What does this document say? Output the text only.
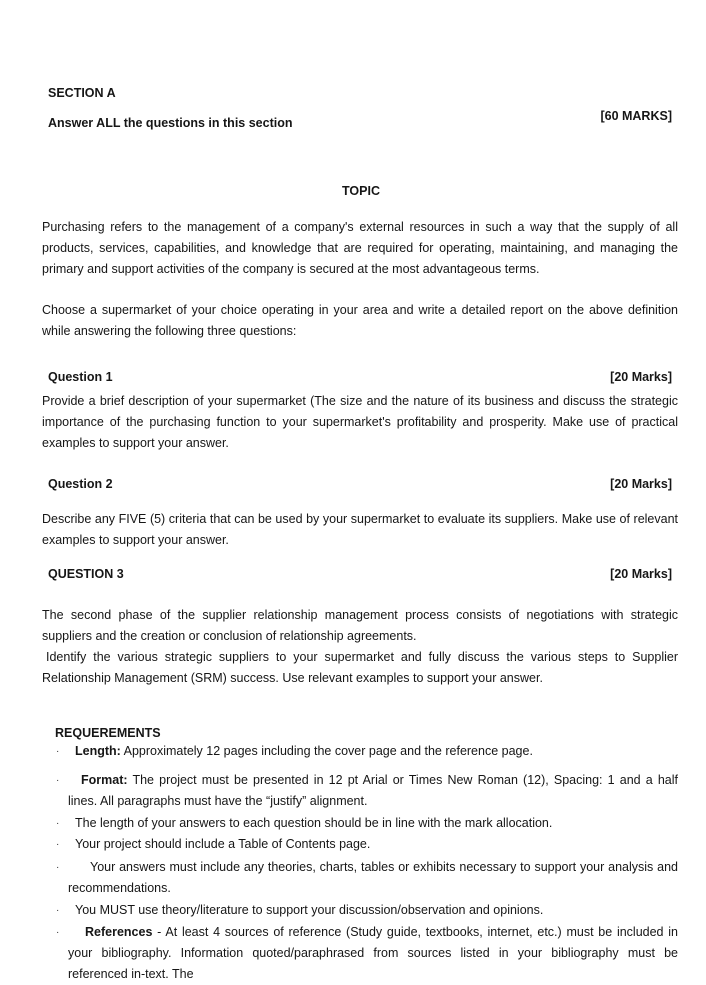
SECTION A
Answer ALL the questions in this section	[60 MARKS]
TOPIC
Purchasing refers to the management of a company's external resources in such a way that the supply of all products, services, capabilities, and knowledge that are required for operating, maintaining, and managing the primary and support activities of the company is secured at the most advantageous terms.
Choose a supermarket of your choice operating in your area and write a detailed report on the above definition while answering the following three questions:
Question 1	[20 Marks]
Provide a brief description of your supermarket (The size and the nature of its business and discuss the strategic importance of the purchasing function to your supermarket's profitability and prosperity. Make use of practical examples to support your answer.
Question 2	[20 Marks]
Describe any FIVE (5) criteria that can be used by your supermarket to evaluate its suppliers. Make use of relevant examples to support your answer.
QUESTION 3	[20 Marks]
The second phase of the supplier relationship management process consists of negotiations with strategic suppliers and the creation or conclusion of relationship agreements.
Identify the various strategic suppliers to your supermarket and fully discuss the various steps to Supplier Relationship Management (SRM) success. Use relevant examples to support your answer.
REQUEREMENTS
·	Length: Approximately 12 pages including the cover page and the reference page.
·	Format: The project must be presented in 12 pt Arial or Times New Roman (12), Spacing: 1 and a half lines. All paragraphs must have the “justify” alignment.
·	The length of your answers to each question should be in line with the mark allocation.
·	Your project should include a Table of Contents page.
·	Your answers must include any theories, charts, tables or exhibits necessary to support your analysis and recommendations.
·	You MUST use theory/literature to support your discussion/observation and opinions.
·	References - At least 4 sources of reference (Study guide, textbooks, internet, etc.) must be included in your bibliography. Information quoted/paraphrased from sources listed in your bibliography must be referenced in-text. The
